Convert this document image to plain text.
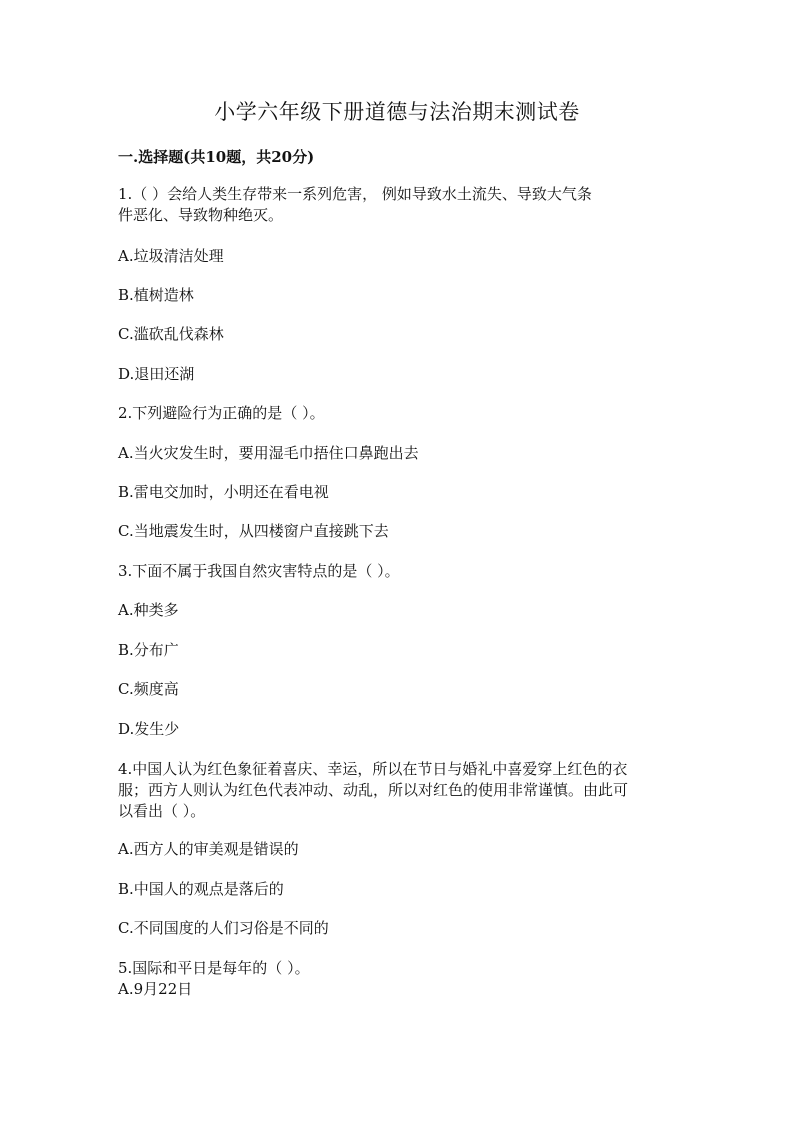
小学六年级下册道德与法治期末测试卷
一.选择题(共10题，共20分)
1.（ ）会给人类生存带来一系列危害， 例如导致水土流失、导致大气条
件恶化、导致物种绝灭。
A.垃圾清洁处理
B.植树造林
C.滥砍乱伐森林
D.退田还湖
2.下列避险行为正确的是（ ）。
A.当火灾发生时，要用湿毛巾捂住口鼻跑出去
B.雷电交加时，小明还在看电视
C.当地震发生时，从四楼窗户直接跳下去
3.下面不属于我国自然灾害特点的是（ ）。
A.种类多
B.分布广
C.频度高
D.发生少
4.中国人认为红色象征着喜庆、幸运，所以在节日与婚礼中喜爱穿上红色的衣
服；西方人则认为红色代表冲动、动乱，所以对红色的使用非常谨慎。由此可
以看出（ ）。
A.西方人的审美观是错误的
B.中国人的观点是落后的
C.不同国度的人们习俗是不同的
5.国际和平日是每年的（ ）。
A.9月22日
